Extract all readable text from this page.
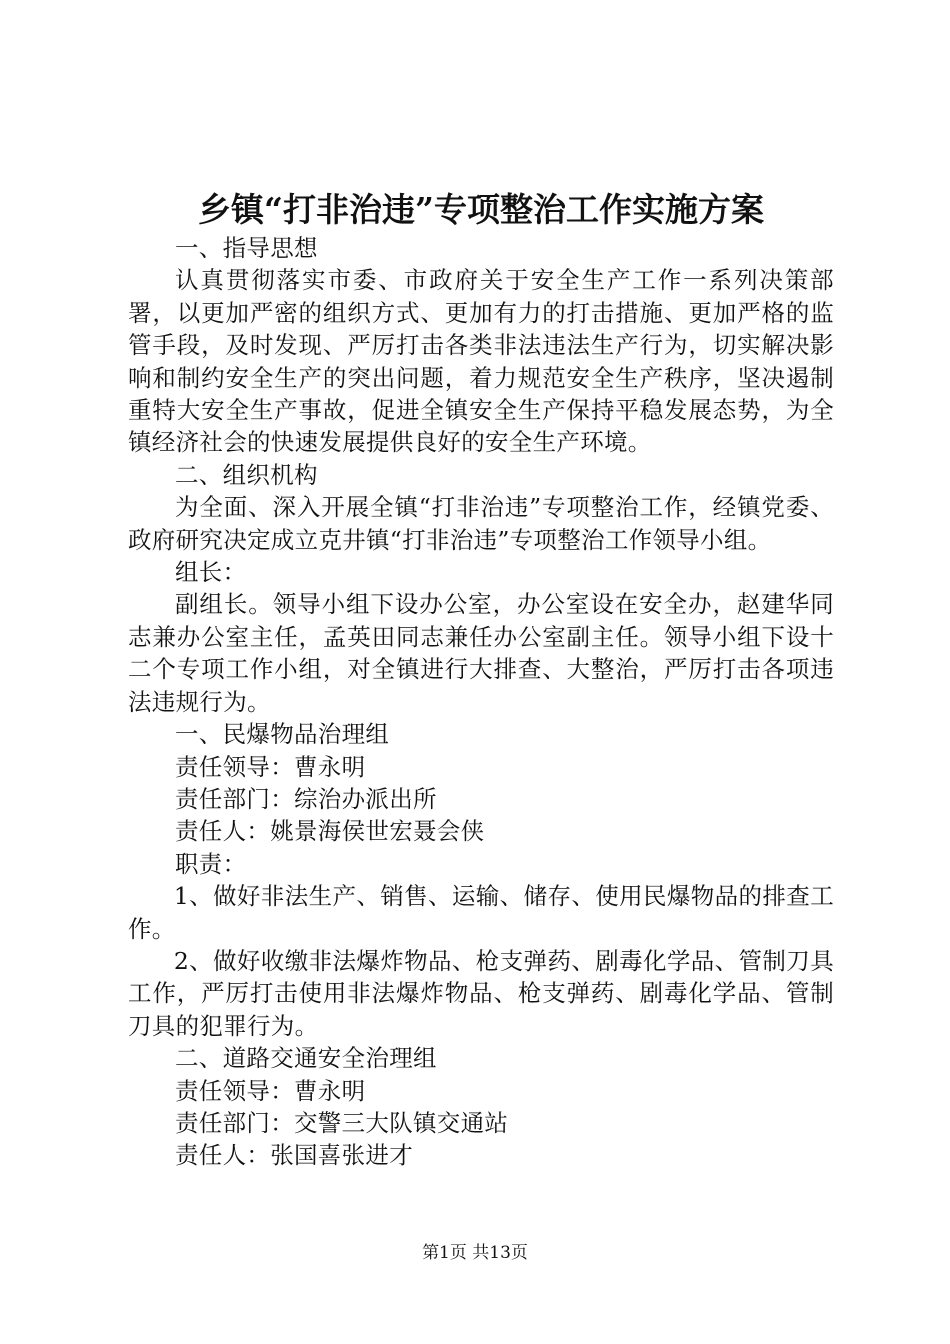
乡镇“打非治违”专项整治工作实施方案

一、指导思想

认真贯彻落实市委、市政府关于安全生产工作一系列决策部署，以更加严密的组织方式、更加有力的打击措施、更加严格的监管手段，及时发现、严厉打击各类非法违法生产行为，切实解决影响和制约安全生产的突出问题，着力规范安全生产秩序，坚决遏制重特大安全生产事故，促进全镇安全生产保持平稳发展态势，为全镇经济社会的快速发展提供良好的安全生产环境。

二、组织机构

为全面、深入开展全镇“打非治违”专项整治工作，经镇党委、政府研究决定成立克井镇“打非治违”专项整治工作领导小组。

组长：

副组长。领导小组下设办公室，办公室设在安全办，赵建华同志兼办公室主任，孟英田同志兼任办公室副主任。领导小组下设十二个专项工作小组，对全镇进行大排查、大整治，严厉打击各项违法违规行为。

一、民爆物品治理组

责任领导：曹永明

责任部门：综治办派出所

责任人：姚景海侯世宏聂会侠

职责：

1、做好非法生产、销售、运输、储存、使用民爆物品的排查工作。

2、做好收缴非法爆炸物品、枪支弹药、剧毒化学品、管制刀具工作，严厉打击使用非法爆炸物品、枪支弹药、剧毒化学品、管制刀具的犯罪行为。

二、道路交通安全治理组

责任领导：曹永明

责任部门：交警三大队镇交通站

责任人：张国喜张进才

第1页 共13页
